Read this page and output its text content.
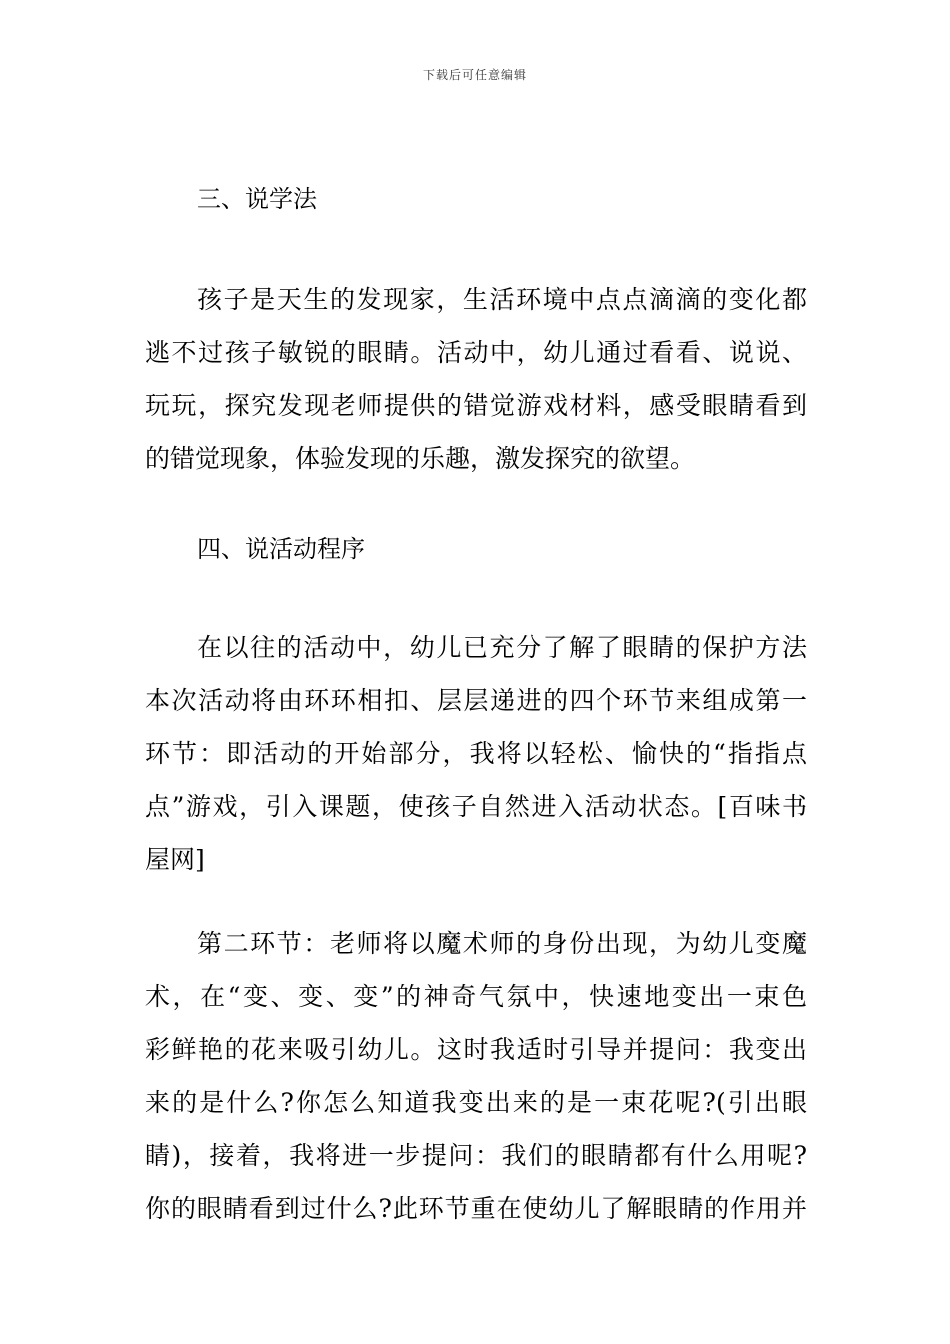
下载后可任意编辑
三、说学法
孩子是天生的发现家，生活环境中点点滴滴的变化都
逃不过孩子敏锐的眼睛。活动中，幼儿通过看看、说说、
玩玩，探究发现老师提供的错觉游戏材料，感受眼睛看到
的错觉现象，体验发现的乐趣，激发探究的欲望。
四、说活动程序
在以往的活动中，幼儿已充分了解了眼睛的保护方法
本次活动将由环环相扣、层层递进的四个环节来组成第一
环节：即活动的开始部分，我将以轻松、愉快的“指指点
点”游戏，引入课题，使孩子自然进入活动状态。[百味书
屋网]
第二环节：老师将以魔术师的身份出现，为幼儿变魔
术，在“变、变、变”的神奇气氛中，快速地变出一束色
彩鲜艳的花来吸引幼儿。这时我适时引导并提问：我变出
来的是什么?你怎么知道我变出来的是一束花呢?(引出眼
睛)，接着，我将进一步提问：我们的眼睛都有什么用呢?
你的眼睛看到过什么?此环节重在使幼儿了解眼睛的作用并
